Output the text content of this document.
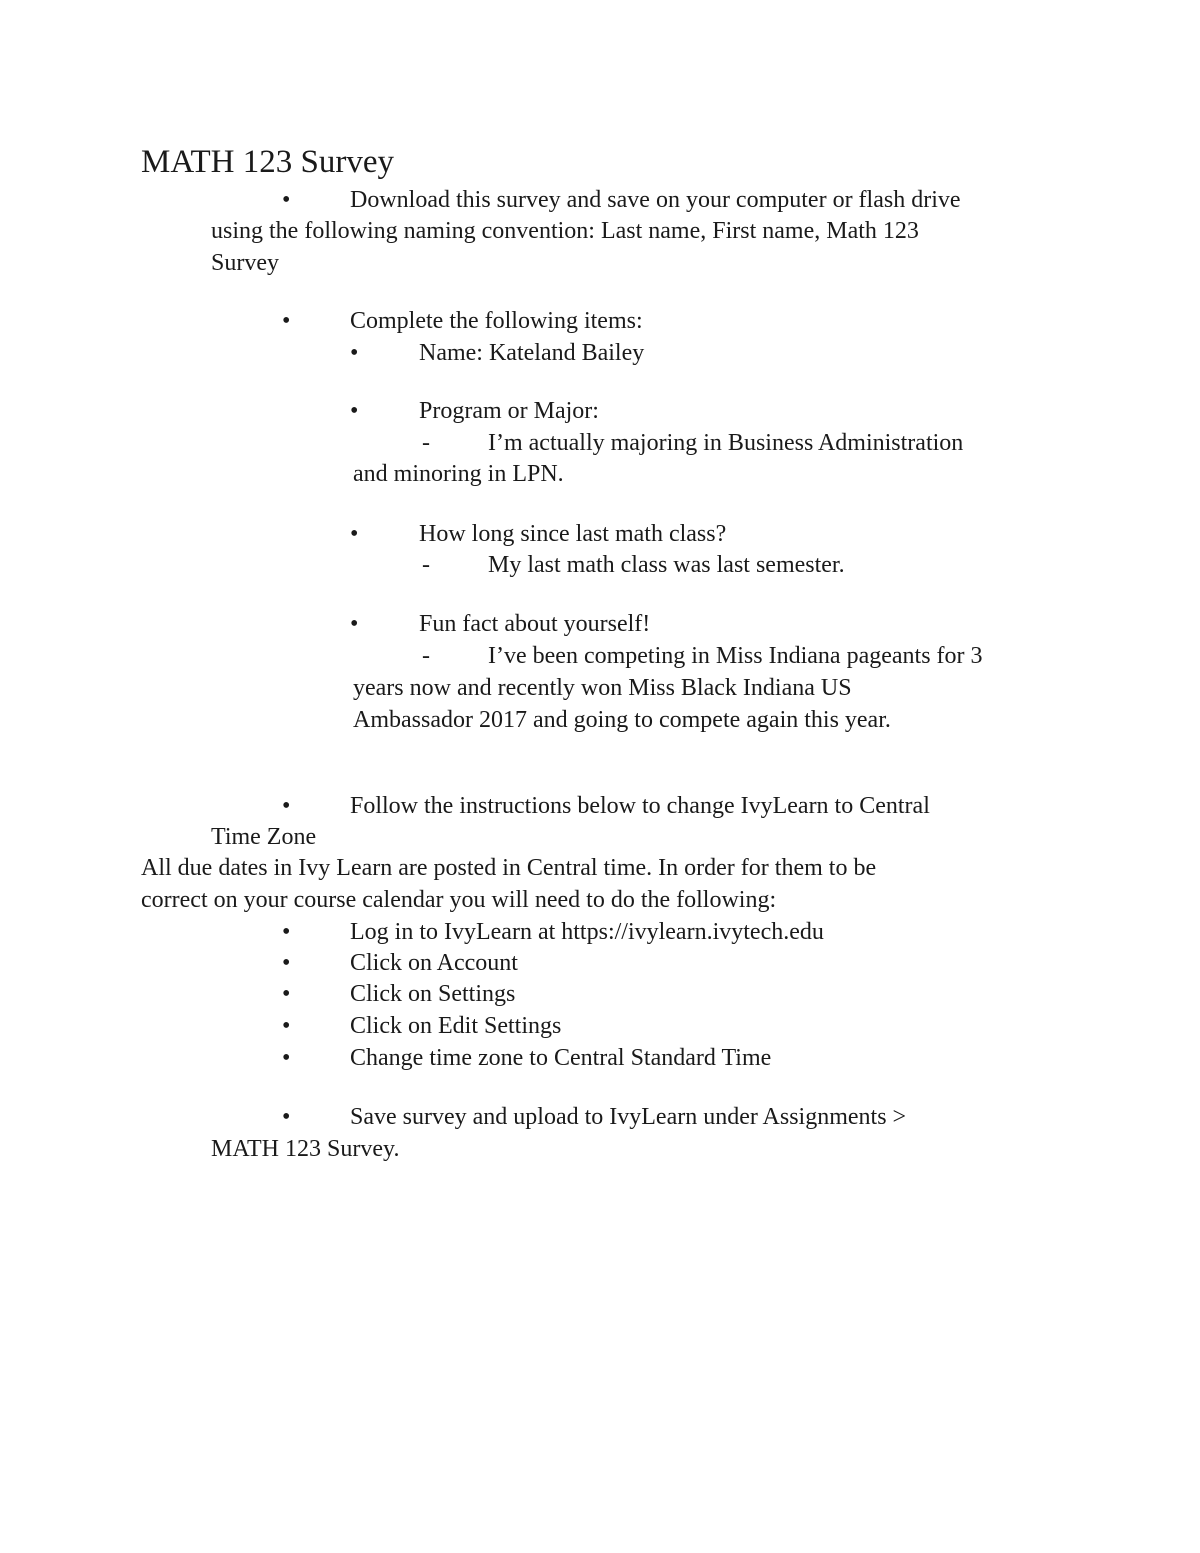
MATH 123 Survey
• Download this survey and save on your computer or flash drive
using the following naming convention: Last name, First name, Math 123
Survey
• Complete the following items:
•	Name: Kateland Bailey
•	Program or Major:
- I’m actually majoring in Business Administration
and minoring in LPN.
•	How long since last math class?
- My last math class was last semester.
•	Fun fact about yourself!
- I’ve been competing in Miss Indiana pageants for 3
years now and recently won Miss Black Indiana US
Ambassador 2017 and going to compete again this year.
• Follow the instructions below to change IvyLearn to Central
Time Zone
All due dates in Ivy Learn are posted in Central time. In order for them to be
correct on your course calendar you will need to do the following:
• Log in to IvyLearn at https://ivylearn.ivytech.edu
• Click on Account
• Click on Settings
• Click on Edit Settings
• Change time zone to Central Standard Time
• Save survey and upload to IvyLearn under Assignments >
MATH 123 Survey.
